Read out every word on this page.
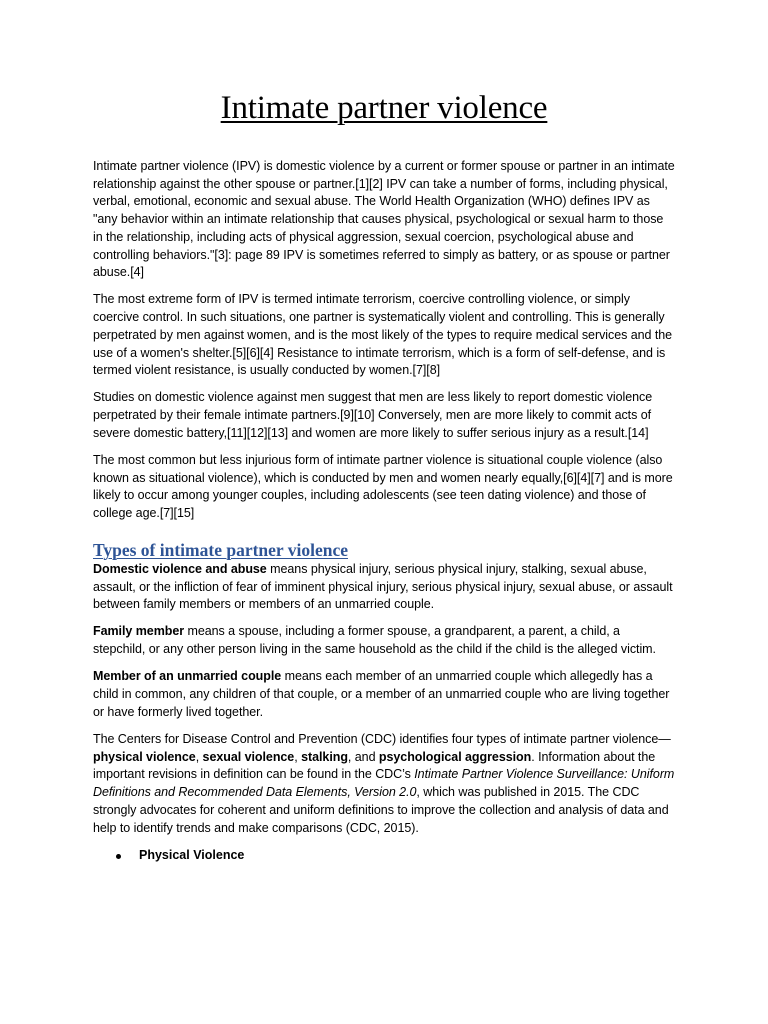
Intimate partner violence

Intimate partner violence (IPV) is domestic violence by a current or former spouse or partner in an intimate relationship against the other spouse or partner.[1][2] IPV can take a number of forms, including physical, verbal, emotional, economic and sexual abuse. The World Health Organization (WHO) defines IPV as "any behavior within an intimate relationship that causes physical, psychological or sexual harm to those in the relationship, including acts of physical aggression, sexual coercion, psychological abuse and controlling behaviors."[3]: page 89 IPV is sometimes referred to simply as battery, or as spouse or partner abuse.[4]

The most extreme form of IPV is termed intimate terrorism, coercive controlling violence, or simply coercive control. In such situations, one partner is systematically violent and controlling. This is generally perpetrated by men against women, and is the most likely of the types to require medical services and the use of a women's shelter.[5][6][4] Resistance to intimate terrorism, which is a form of self-defense, and is termed violent resistance, is usually conducted by women.[7][8]

Studies on domestic violence against men suggest that men are less likely to report domestic violence perpetrated by their female intimate partners.[9][10] Conversely, men are more likely to commit acts of severe domestic battery,[11][12][13] and women are more likely to suffer serious injury as a result.[14]

The most common but less injurious form of intimate partner violence is situational couple violence (also known as situational violence), which is conducted by men and women nearly equally,[6][4][7] and is more likely to occur among younger couples, including adolescents (see teen dating violence) and those of college age.[7][15]

Types of intimate partner violence

Domestic violence and abuse means physical injury, serious physical injury, stalking, sexual abuse, assault, or the infliction of fear of imminent physical injury, serious physical injury, sexual abuse, or assault between family members or members of an unmarried couple.

Family member means a spouse, including a former spouse, a grandparent, a parent, a child, a stepchild, or any other person living in the same household as the child if the child is the alleged victim.

Member of an unmarried couple means each member of an unmarried couple which allegedly has a child in common, any children of that couple, or a member of an unmarried couple who are living together or have formerly lived together.

The Centers for Disease Control and Prevention (CDC) identifies four types of intimate partner violence—physical violence, sexual violence, stalking, and psychological aggression. Information about the important revisions in definition can be found in the CDC’s Intimate Partner Violence Surveillance: Uniform Definitions and Recommended Data Elements, Version 2.0, which was published in 2015. The CDC strongly advocates for coherent and uniform definitions to improve the collection and analysis of data and help to identify trends and make comparisons (CDC, 2015).

Physical Violence
